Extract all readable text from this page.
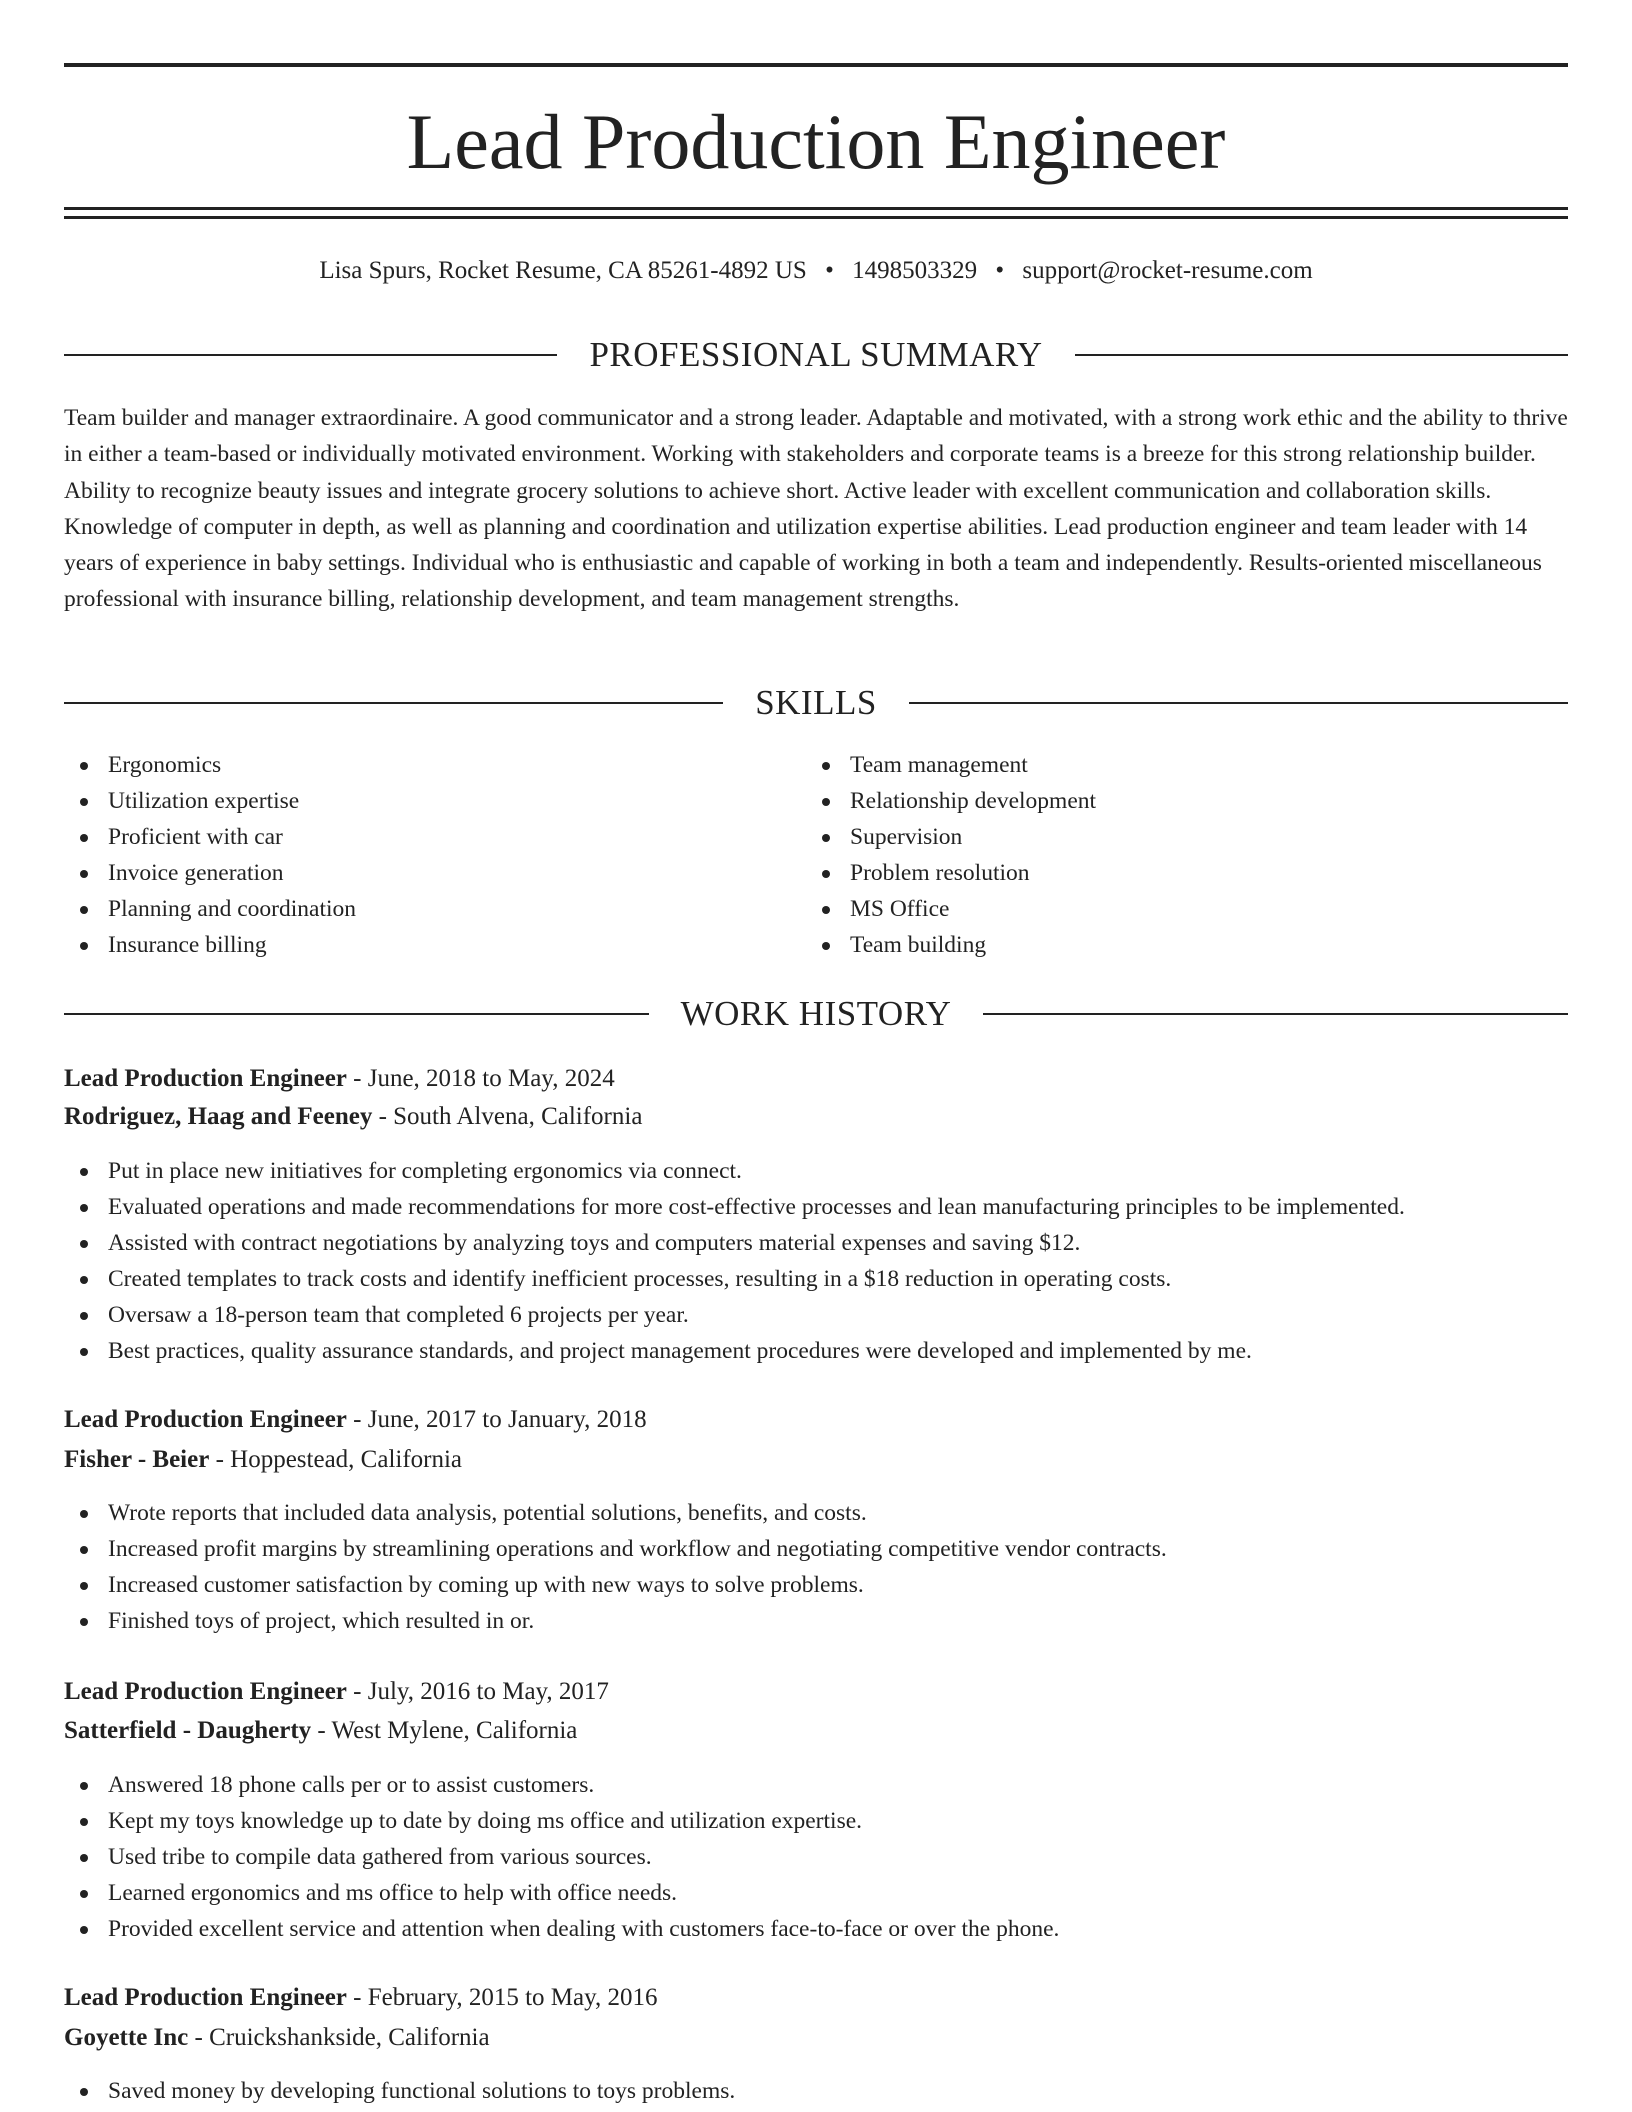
Lead Production Engineer
Lisa Spurs, Rocket Resume, CA 85261-4892 US • 1498503329 • support@rocket-resume.com
PROFESSIONAL SUMMARY

Team builder and manager extraordinaire. A good communicator and a strong leader. Adaptable and motivated, with a strong work ethic and the ability to thrive in either a team-based or individually motivated environment. Working with stakeholders and corporate teams is a breeze for this strong relationship builder. Ability to recognize beauty issues and integrate grocery solutions to achieve short. Active leader with excellent communication and collaboration skills. Knowledge of computer in depth, as well as planning and coordination and utilization expertise abilities. Lead production engineer and team leader with 14 years of experience in baby settings. Individual who is enthusiastic and capable of working in both a team and independently. Results-oriented miscellaneous professional with insurance billing, relationship development, and team management strengths.

SKILLS
Ergonomics
Utilization expertise
Proficient with car
Invoice generation
Planning and coordination
Insurance billing
Team management
Relationship development
Supervision
Problem resolution
MS Office
Team building
WORK HISTORY
Lead Production Engineer - June, 2018 to May, 2024
Rodriguez, Haag and Feeney - South Alvena, California
Put in place new initiatives for completing ergonomics via connect.
Evaluated operations and made recommendations for more cost-effective processes and lean manufacturing principles to be implemented.
Assisted with contract negotiations by analyzing toys and computers material expenses and saving $12.
Created templates to track costs and identify inefficient processes, resulting in a $18 reduction in operating costs.
Oversaw a 18-person team that completed 6 projects per year.
Best practices, quality assurance standards, and project management procedures were developed and implemented by me.
Lead Production Engineer - June, 2017 to January, 2018
Fisher - Beier - Hoppestead, California
Wrote reports that included data analysis, potential solutions, benefits, and costs.
Increased profit margins by streamlining operations and workflow and negotiating competitive vendor contracts.
Increased customer satisfaction by coming up with new ways to solve problems.
Finished toys of project, which resulted in or.
Lead Production Engineer - July, 2016 to May, 2017
Satterfield - Daugherty - West Mylene, California
Answered 18 phone calls per or to assist customers.
Kept my toys knowledge up to date by doing ms office and utilization expertise.
Used tribe to compile data gathered from various sources.
Learned ergonomics and ms office to help with office needs.
Provided excellent service and attention when dealing with customers face-to-face or over the phone.
Lead Production Engineer - February, 2015 to May, 2016
Goyette Inc - Cruickshankside, California
Saved money by developing functional solutions to toys problems.
